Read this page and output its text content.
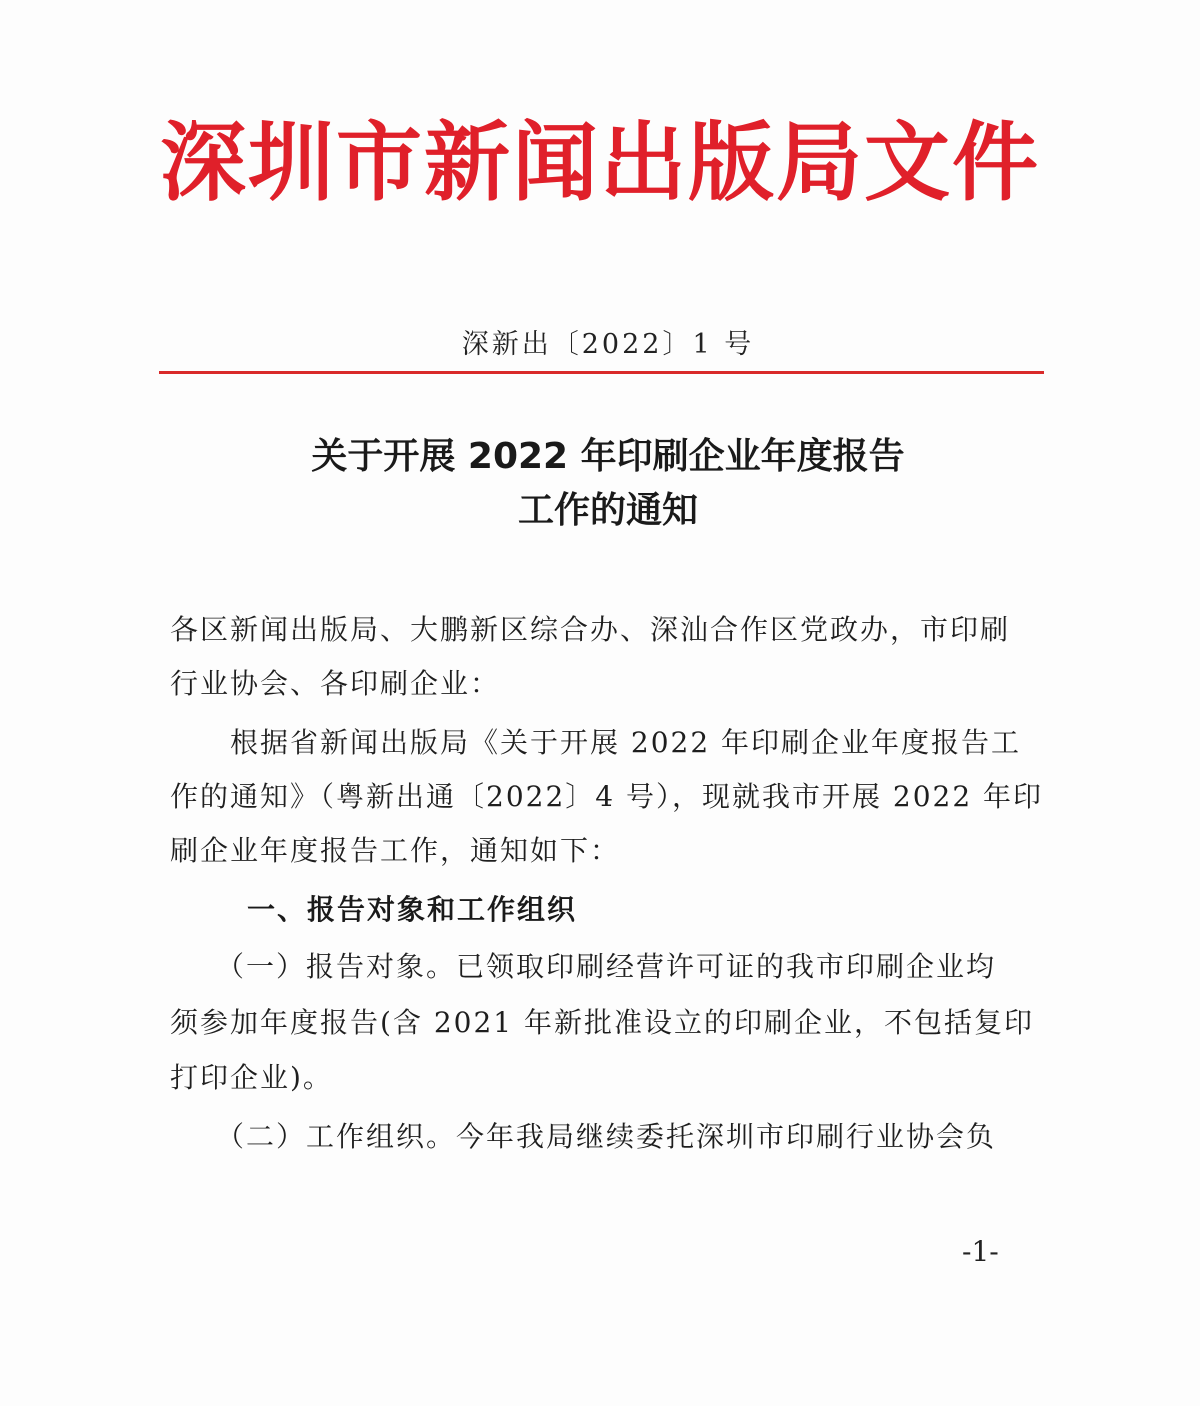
深圳市新闻出版局文件
深新出〔2022〕1 号
关于开展 2022 年印刷企业年度报告
工作的通知
各区新闻出版局、大鹏新区综合办、深汕合作区党政办，市印刷
行业协会、各印刷企业：
　　根据省新闻出版局《关于开展 2022 年印刷企业年度报告工
作的通知》（粤新出通〔2022〕4 号），现就我市开展 2022 年印
刷企业年度报告工作，通知如下：
一、报告对象和工作组织
　　（一）报告对象。已领取印刷经营许可证的我市印刷企业均
须参加年度报告(含 2021 年新批准设立的印刷企业，不包括复印
打印企业)。
　　（二）工作组织。今年我局继续委托深圳市印刷行业协会负
-1-
